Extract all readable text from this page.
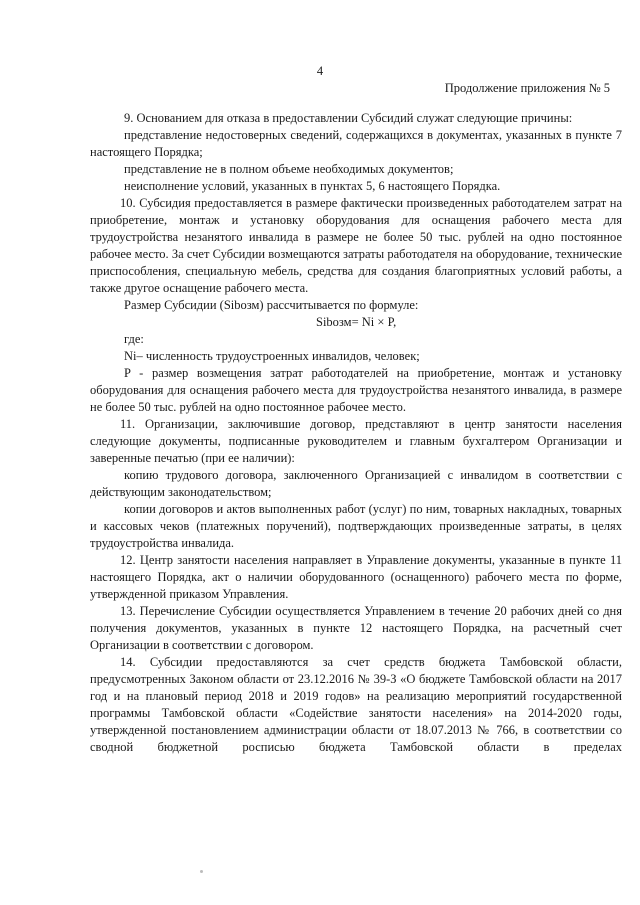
4
Продолжение приложения № 5

9. Основанием для отказа в предоставлении Субсидий служат следующие причины:

представление недостоверных сведений, содержащихся в документах, указанных в пункте 7 настоящего Порядка;

представление не в полном объеме необходимых документов;

неисполнение условий, указанных в пунктах 5, 6 настоящего Порядка.

10. Субсидия предоставляется в размере фактически произведенных работодателем затрат на приобретение, монтаж и установку оборудования для оснащения рабочего места для трудоустройства незанятого инвалида в размере не более 50 тыс. рублей на одно постоянное рабочее место. За счет Субсидии возмещаются затраты работодателя на оборудование, технические приспособления, специальную мебель, средства для создания благоприятных условий работы, а также другое оснащение рабочего места.

Размер Субсидии (Sibозм) рассчитывается по формуле:

Sibозм= Ni × P,

где:

Ni– численность трудоустроенных инвалидов, человек;

P - размер возмещения затрат работодателей на приобретение, монтаж и установку оборудования для оснащения рабочего места для трудоустройства незанятого инвалида, в размере не более 50 тыс. рублей на одно постоянное рабочее место.

11. Организации, заключившие договор, представляют в центр занятости населения следующие документы, подписанные руководителем и главным бухгалтером Организации и заверенные печатью (при ее наличии):

копию трудового договора, заключенного Организацией с инвалидом в соответствии с действующим законодательством;

копии договоров и актов выполненных работ (услуг) по ним, товарных накладных, товарных и кассовых чеков (платежных поручений), подтверждающих произведенные затраты, в целях трудоустройства инвалида.

12. Центр занятости населения направляет в Управление документы, указанные в пункте 11 настоящего Порядка, акт о наличии оборудованного (оснащенного) рабочего места по форме, утвержденной приказом Управления.

13. Перечисление Субсидии осуществляется Управлением в течение 20 рабочих дней со дня получения документов, указанных в пункте 12 настоящего Порядка, на расчетный счет Организации в соответствии с договором.

14. Субсидии предоставляются за счет средств бюджета Тамбовской области, предусмотренных Законом области от 23.12.2016 № 39-З «О бюджете Тамбовской области на 2017 год и на плановый период 2018 и 2019 годов» на реализацию мероприятий государственной программы Тамбовской области «Содействие занятости населения» на 2014-2020 годы, утвержденной постановлением администрации области от 18.07.2013 № 766, в соответствии со сводной бюджетной росписью бюджета Тамбовской области в пределах
